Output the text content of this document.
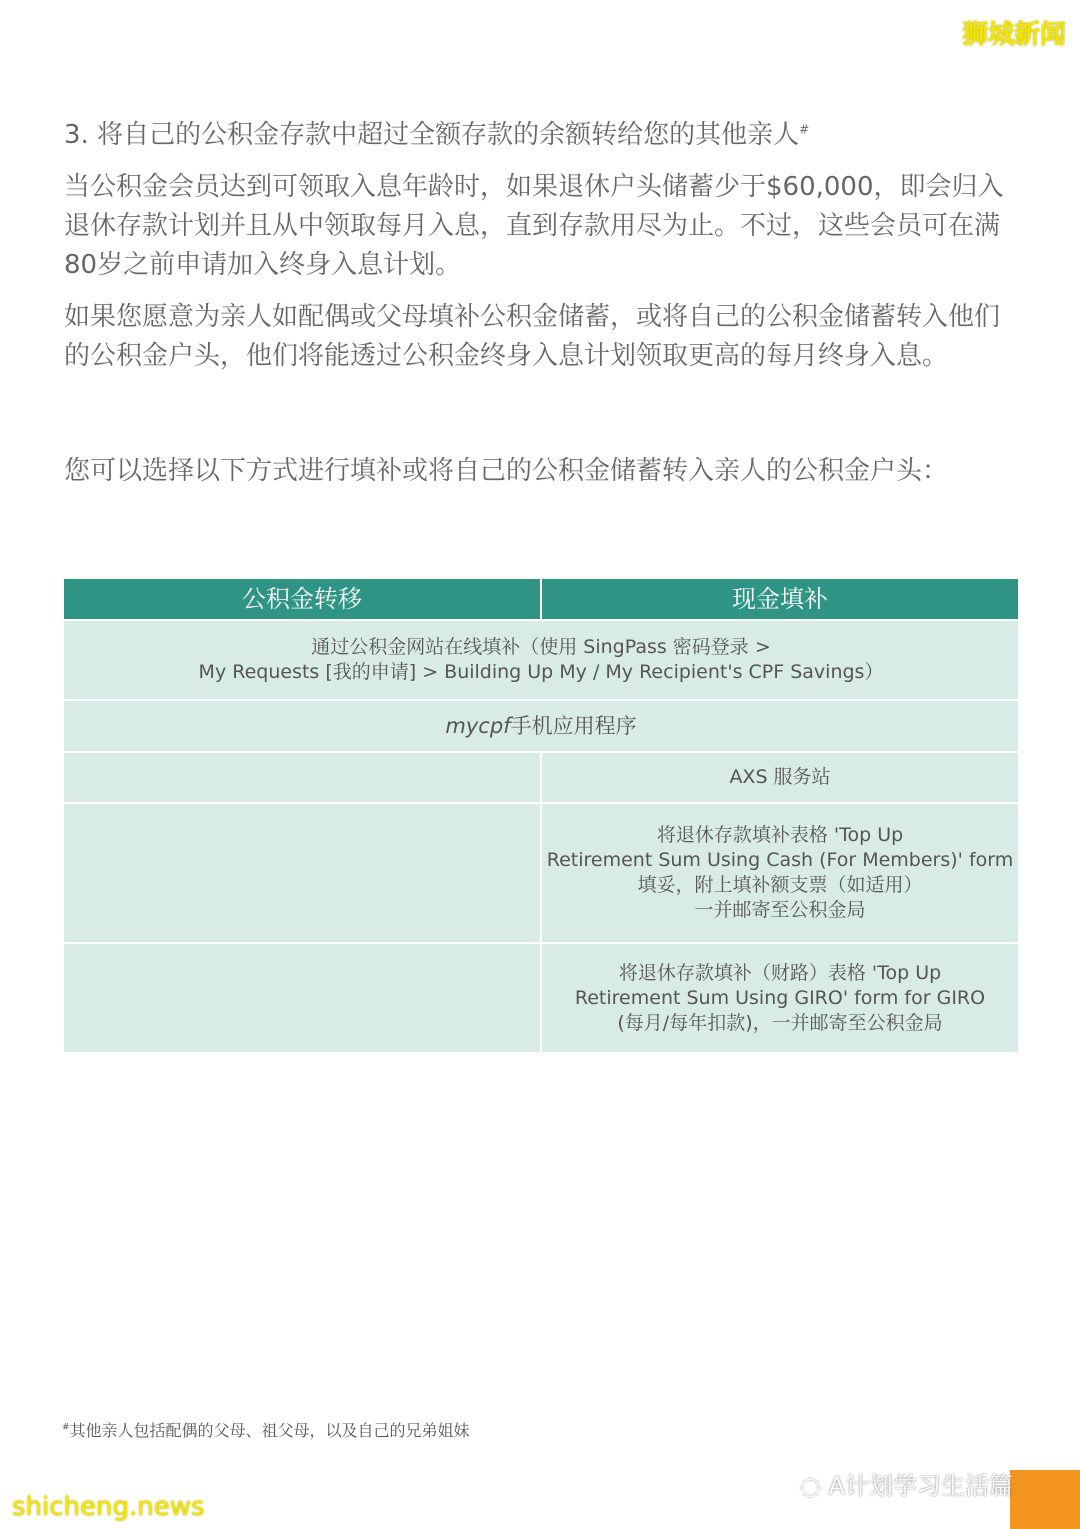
狮城新闻
3. 将自己的公积金存款中超过全额存款的余额转给您的其他亲人#
当公积金会员达到可领取入息年龄时，如果退休户头储蓄少于$60,000，即会归入退休存款计划并且从中领取每月入息，直到存款用尽为止。不过，这些会员可在满80岁之前申请加入终身入息计划。
如果您愿意为亲人如配偶或父母填补公积金储蓄，或将自己的公积金储蓄转入他们的公积金户头，他们将能透过公积金终身入息计划领取更高的每月终身入息。
您可以选择以下方式进行填补或将自己的公积金储蓄转入亲人的公积金户头：
公积金转移	现金填补

通过公积金网站在线填补（使用 SingPass 密码登录 >
My Requests [我的申请] > Building Up My / My Recipient's CPF Savings）	

mycpf手机应用程序	
	AXS 服务站

	将退休存款填补表格 'Top Up
Retirement Sum Using Cash (For Members)' form
填妥，附上填补额支票（如适用）
一并邮寄至公积金局

	将退休存款填补（财路）表格 'Top Up
Retirement Sum Using GIRO' form for GIRO
(每月/每年扣款)，一并邮寄至公积金局
#其他亲人包括配偶的父母、祖父母，以及自己的兄弟姐妹
◌ A计划学习生活篇
shicheng.news
